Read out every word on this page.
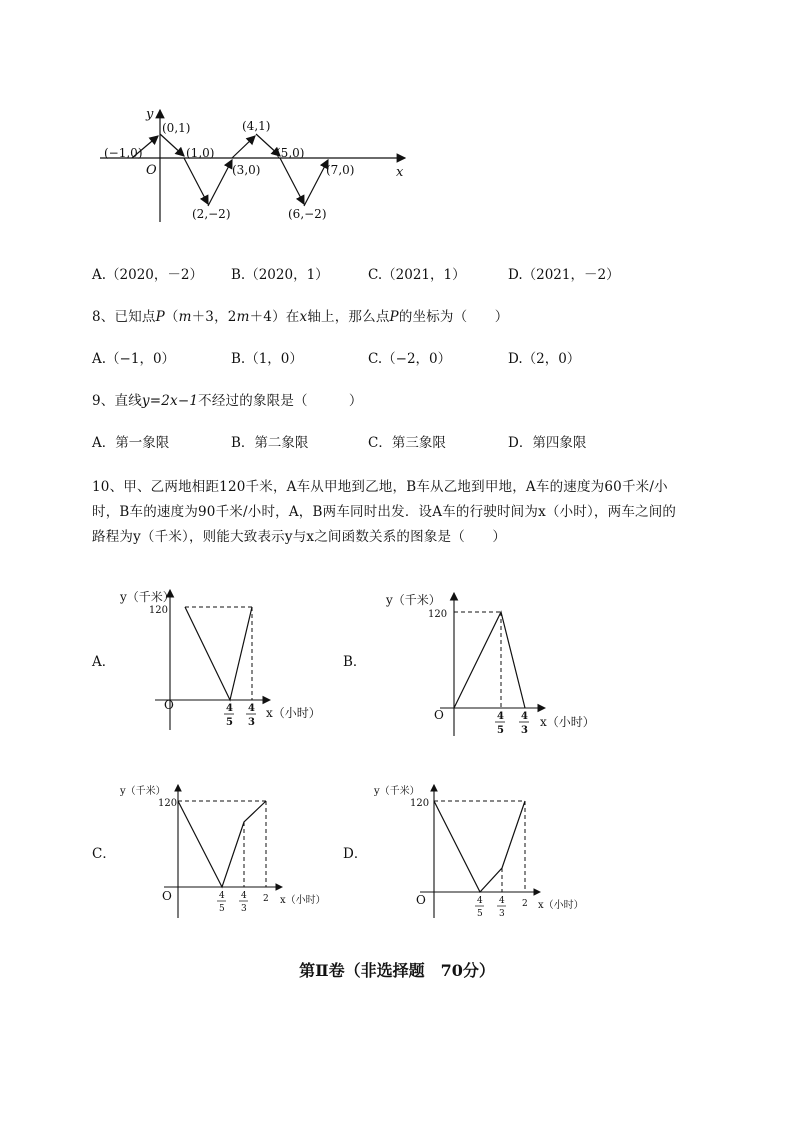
y
x
O
(−1,0)
(0,1)
(1,0)
(2,−2)
(3,0)
(4,1)
(5,0)
(6,−2)
(7,0)
A.（2020，－2） B.（2020，1）	C.（2021，1）	D.（2021，－2）
8、已知点P（m＋3，2m＋4）在x轴上，那么点P的坐标为（　　）
A.（−1，0）	B.（1，0）	C.（−2，0）	D.（2，0）
9、直线y=2x−1不经过的象限是（　　　）
A．第一象限	B．第二象限	C．第三象限	D．第四象限
10、甲、乙两地相距120千米，A车从甲地到乙地，B车从乙地到甲地，A车的速度为60千米/小
时，B车的速度为90千米/小时，A，B两车同时出发．设A车的行驶时间为x（小时），两车之间的
路程为y（千米），则能大致表示y与x之间函数关系的图象是（　　）
A．	B．
C．	D．
y（千米）
120
O	4
5
4
3
x（小时）
y（千米）
120
O	4
5
4
3
x（小时）
y（千米）
120
O	4
5
4
3
2 x（小时）
y（千米）
120
O	4
5
4
3
2 x（小时）
第Ⅱ卷（非选择题　70分）
